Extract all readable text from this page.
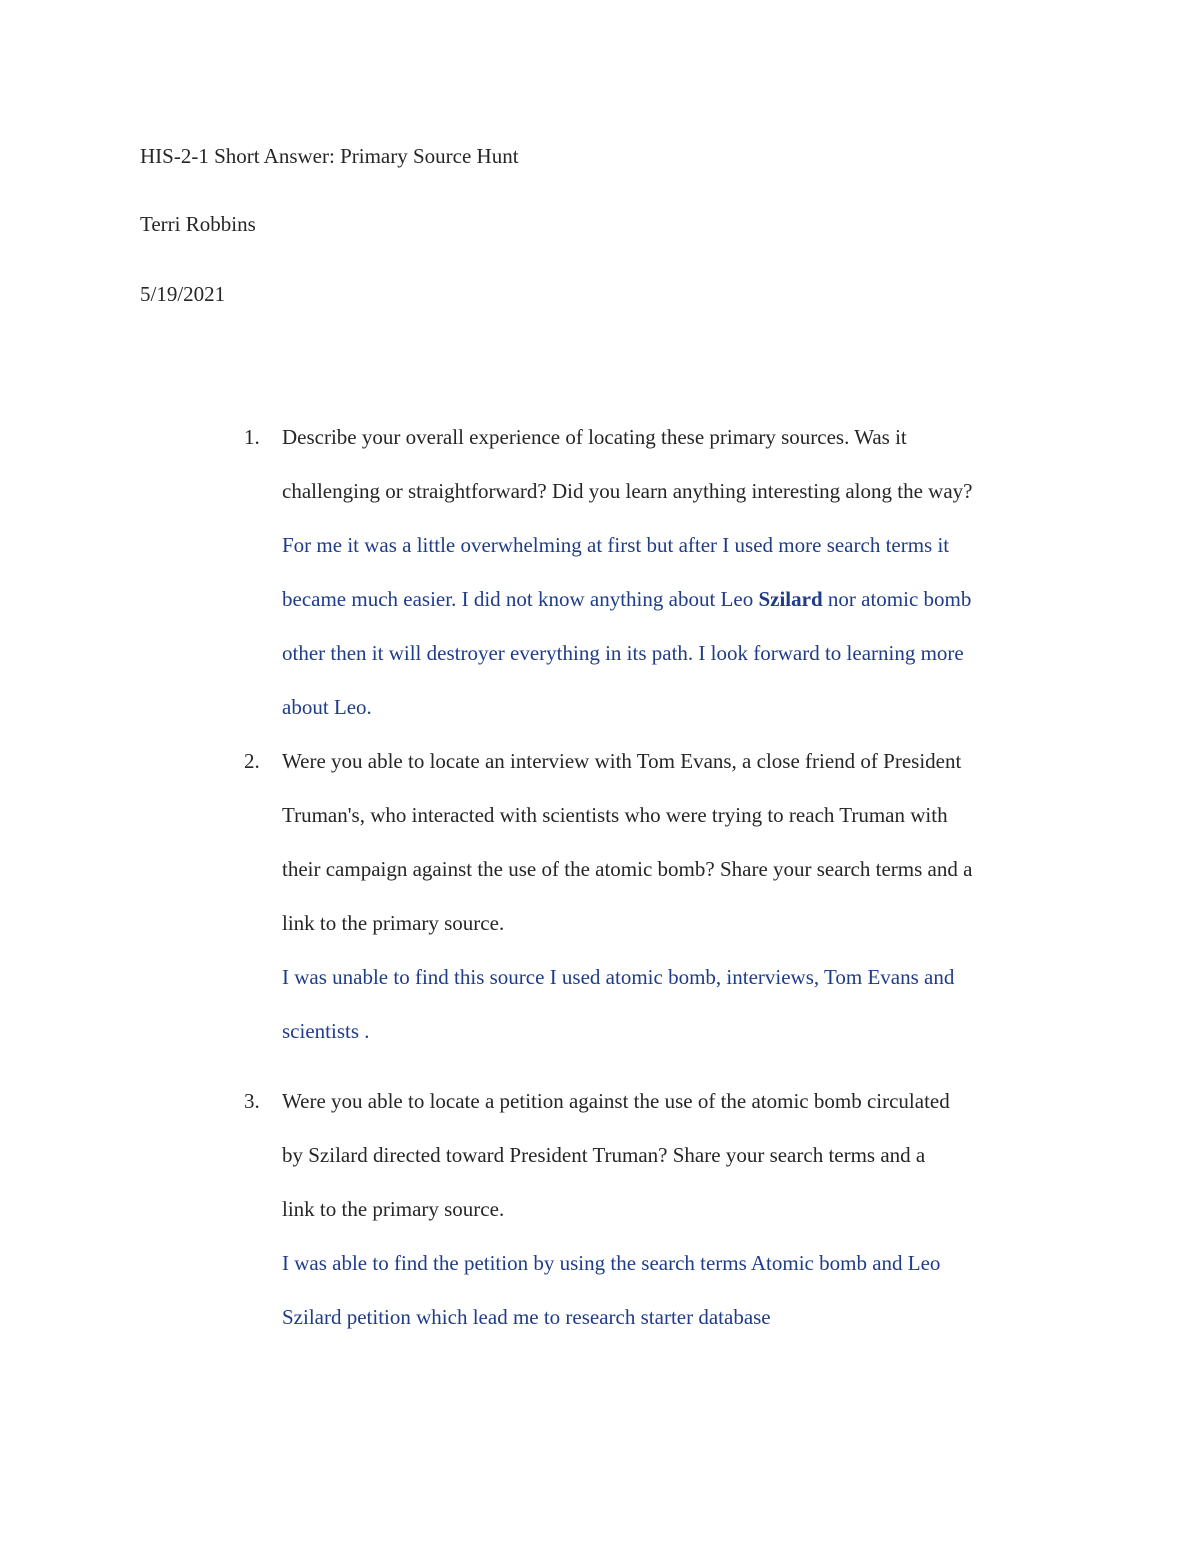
HIS-2-1 Short Answer: Primary Source Hunt
Terri Robbins
5/19/2021
1. Describe your overall experience of locating these primary sources. Was it
challenging or straightforward? Did you learn anything interesting along the way?
For me it was a little overwhelming at first but after I used more search terms it
became much easier. I did not know anything about Leo Szilard nor atomic bomb
other then it will destroyer everything in its path. I look forward to learning more
about Leo.
2. Were you able to locate an interview with Tom Evans, a close friend of President
Truman's, who interacted with scientists who were trying to reach Truman with
their campaign against the use of the atomic bomb? Share your search terms and a
link to the primary source.
I was unable to find this source I used atomic bomb, interviews, Tom Evans and
scientists .
3. Were you able to locate a petition against the use of the atomic bomb circulated
by Szilard directed toward President Truman? Share your search terms and a
link to the primary source.
I was able to find the petition by using the search terms Atomic bomb and Leo
Szilard petition which lead me to research starter database
